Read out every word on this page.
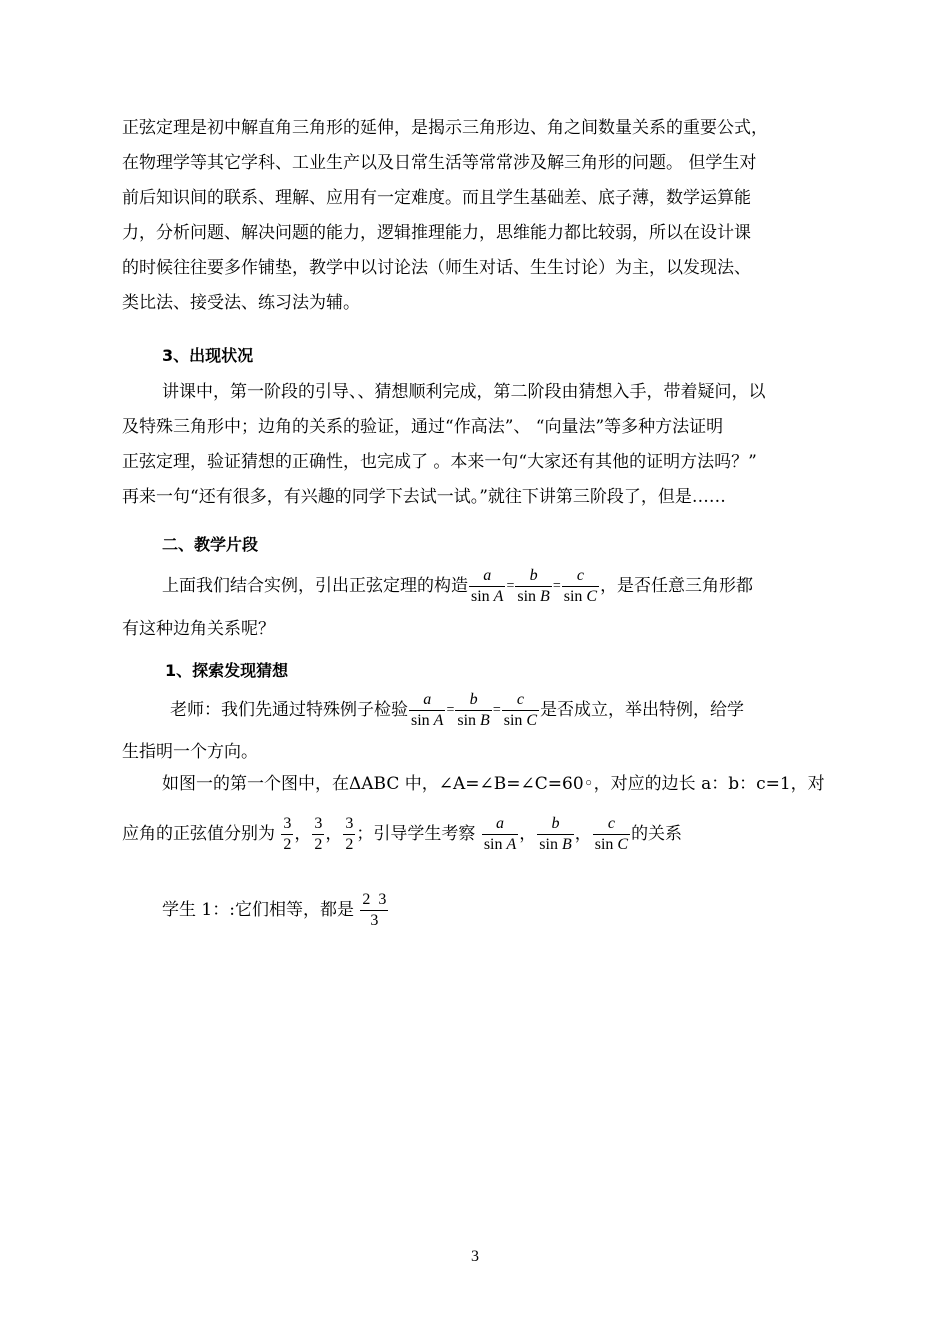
正弦定理是初中解直角三角形的延伸，是揭示三角形边、角之间数量关系的重要公式，
在物理学等其它学科、工业生产以及日常生活等常常涉及解三角形的问题。 但学生对
前后知识间的联系、理解、应用有一定难度。而且学生基础差、底子薄，数学运算能
力，分析问题、解决问题的能力，逻辑推理能力，思维能力都比较弱，所以在设计课
的时候往往要多作铺垫，教学中以讨论法（师生对话、生生讨论）为主，以发现法、
类比法、接受法、练习法为辅。
3、出现状况
讲课中，第一阶段的引导、、猜想顺利完成，第二阶段由猜想入手，带着疑问，以
及特殊三角形中；边角的关系的验证，通过“作高法”、 “向量法”等多种方法证明
正弦定理，验证猜想的正确性，也完成了 。本来一句“大家还有其他的证明方法吗？”
再来一句“还有很多，有兴趣的同学下去试一试。”就往下讲第三阶段了，但是……
二、教学片段
上面我们结合实例，引出正弦定理的构造 $\frac{a}{\text{sin A}} = \frac{b}{\text{sin B}} = \frac{c}{\text{sin C}}$ ，是否任意三角形都
有这种边角关系呢？
1、探索发现猜想
老师：我们先通过特殊例子检验 $\frac{a}{\text{sin A}} = \frac{b}{\text{sin B}} = \frac{c}{\text{sin C}}$ 是否成立，举出特例，给学
生指明一个方向。
如图一的第一个图中，在ΔABC 中，∠A=∠B=∠C=60◦，对应的边长 a：b：c=1，对
应角的正弦值分别为 $\frac{3}{2}$ ， $\frac{3}{2}$ ， $\frac{3}{2}$ ；引导学生考察 $\frac{a}{\text{sin A}}$ ， $\frac{b}{\text{sin B}}$ ， $\frac{c}{\text{sin C}}$ 的关系
学生 1：:它们相等，都是 $\frac{2 3}{3}$
3
